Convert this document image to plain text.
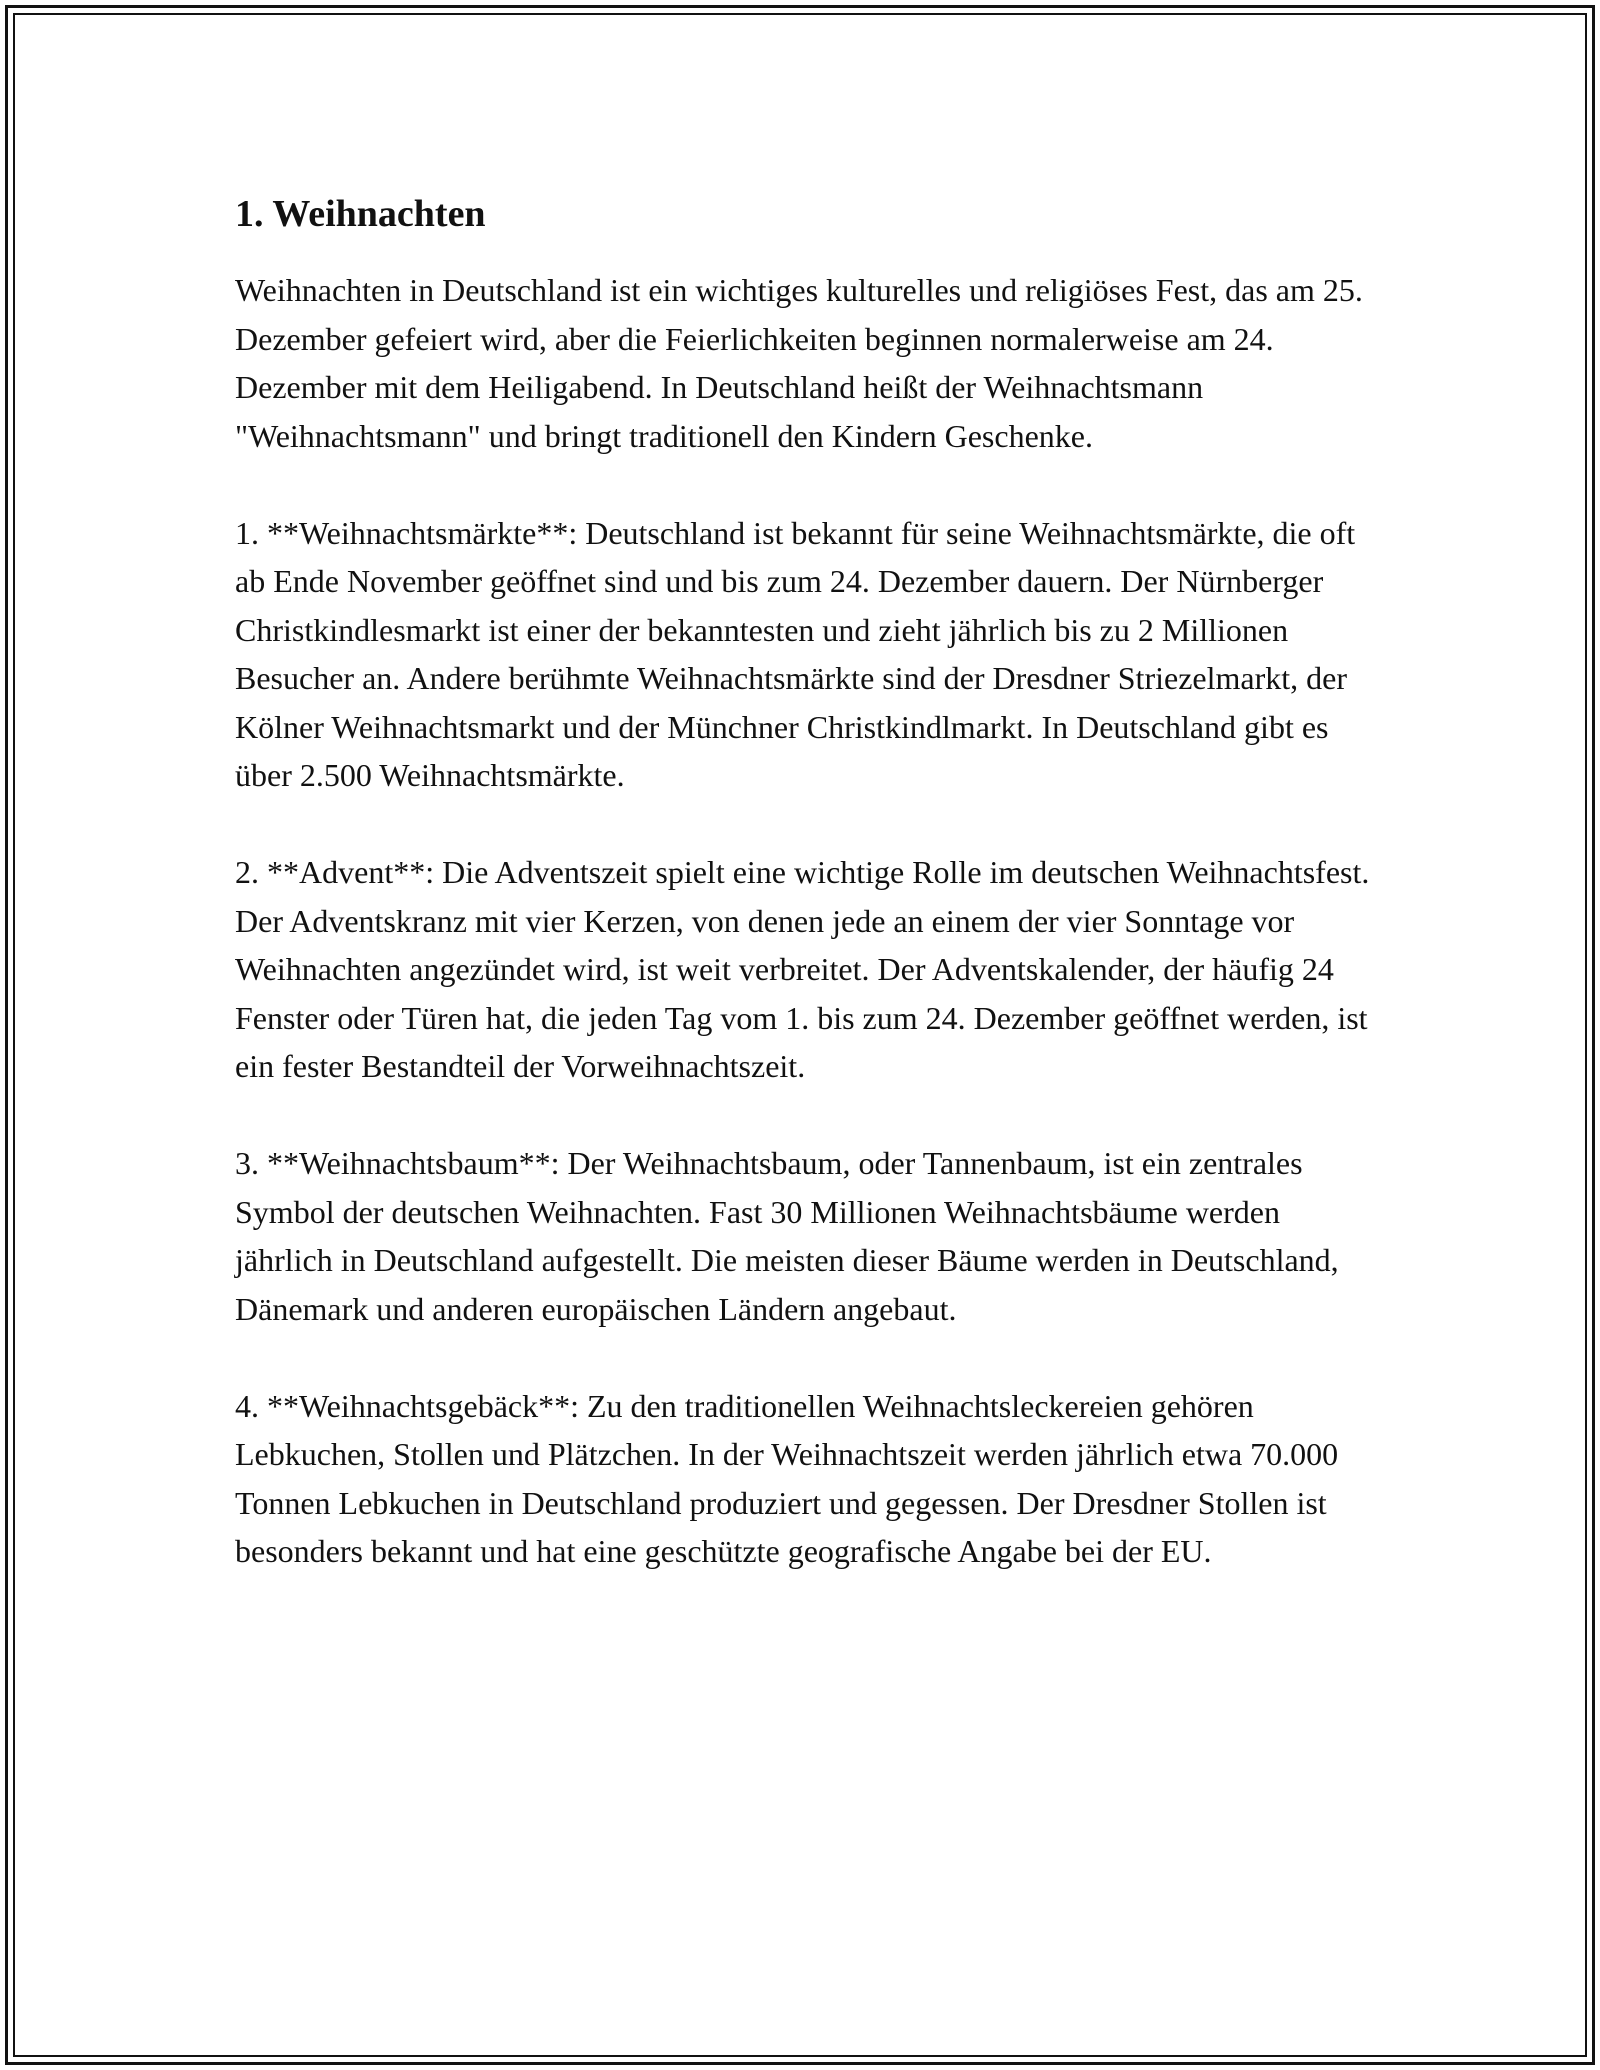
1. Weihnachten

Weihnachten in Deutschland ist ein wichtiges kulturelles und religiöses Fest, das am 25. Dezember gefeiert wird, aber die Feierlichkeiten beginnen normalerweise am 24. Dezember mit dem Heiligabend. In Deutschland heißt der Weihnachtsmann "Weihnachtsmann" und bringt traditionell den Kindern Geschenke.

1. **Weihnachtsmärkte**: Deutschland ist bekannt für seine Weihnachtsmärkte, die oft ab Ende November geöffnet sind und bis zum 24. Dezember dauern. Der Nürnberger Christkindlesmarkt ist einer der bekanntesten und zieht jährlich bis zu 2 Millionen Besucher an. Andere berühmte Weihnachtsmärkte sind der Dresdner Striezelmarkt, der Kölner Weihnachtsmarkt und der Münchner Christkindlmarkt. In Deutschland gibt es über 2.500 Weihnachtsmärkte.

2. **Advent**: Die Adventszeit spielt eine wichtige Rolle im deutschen Weihnachtsfest. Der Adventskranz mit vier Kerzen, von denen jede an einem der vier Sonntage vor Weihnachten angezündet wird, ist weit verbreitet. Der Adventskalender, der häufig 24 Fenster oder Türen hat, die jeden Tag vom 1. bis zum 24. Dezember geöffnet werden, ist ein fester Bestandteil der Vorweihnachtszeit.

3. **Weihnachtsbaum**: Der Weihnachtsbaum, oder Tannenbaum, ist ein zentrales Symbol der deutschen Weihnachten. Fast 30 Millionen Weihnachtsbäume werden jährlich in Deutschland aufgestellt. Die meisten dieser Bäume werden in Deutschland, Dänemark und anderen europäischen Ländern angebaut.

4. **Weihnachtsgebäck**: Zu den traditionellen Weihnachtsleckereien gehören Lebkuchen, Stollen und Plätzchen. In der Weihnachtszeit werden jährlich etwa 70.000 Tonnen Lebkuchen in Deutschland produziert und gegessen. Der Dresdner Stollen ist besonders bekannt und hat eine geschützte geografische Angabe bei der EU.
